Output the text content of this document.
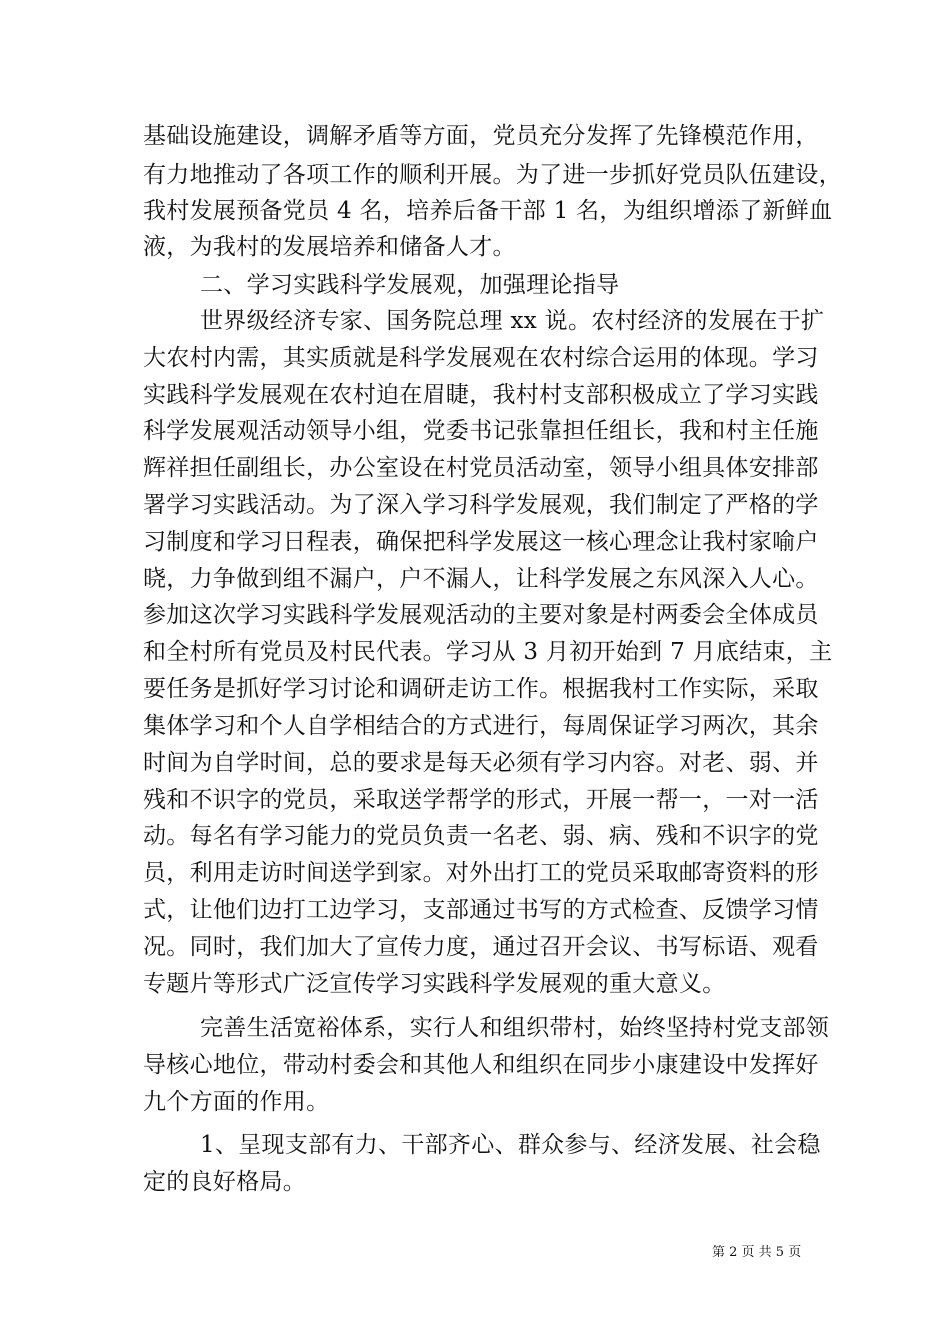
基础设施建设，调解矛盾等方面，党员充分发挥了先锋模范作用，
有力地推动了各项工作的顺利开展。为了进一步抓好党员队伍建设，
我村发展预备党员 4 名，培养后备干部 1 名，为组织增添了新鲜血
液，为我村的发展培养和储备人才。
二、学习实践科学发展观，加强理论指导
世界级经济专家、国务院总理 xx 说。农村经济的发展在于扩
大农村内需，其实质就是科学发展观在农村综合运用的体现。学习
实践科学发展观在农村迫在眉睫，我村村支部积极成立了学习实践
科学发展观活动领导小组，党委书记张靠担任组长，我和村主任施
辉祥担任副组长，办公室设在村党员活动室，领导小组具体安排部
署学习实践活动。为了深入学习科学发展观，我们制定了严格的学
习制度和学习日程表，确保把科学发展这一核心理念让我村家喻户
晓，力争做到组不漏户，户不漏人，让科学发展之东风深入人心。
参加这次学习实践科学发展观活动的主要对象是村两委会全体成员
和全村所有党员及村民代表。学习从 3 月初开始到 7 月底结束，主
要任务是抓好学习讨论和调研走访工作。根据我村工作实际，采取
集体学习和个人自学相结合的方式进行，每周保证学习两次，其余
时间为自学时间，总的要求是每天必须有学习内容。对老、弱、并
残和不识字的党员，采取送学帮学的形式，开展一帮一，一对一活
动。每名有学习能力的党员负责一名老、弱、病、残和不识字的党
员，利用走访时间送学到家。对外出打工的党员采取邮寄资料的形
式，让他们边打工边学习，支部通过书写的方式检查、反馈学习情
况。同时，我们加大了宣传力度，通过召开会议、书写标语、观看
专题片等形式广泛宣传学习实践科学发展观的重大意义。
完善生活宽裕体系，实行人和组织带村，始终坚持村党支部领
导核心地位，带动村委会和其他人和组织在同步小康建设中发挥好
九个方面的作用。
1、呈现支部有力、干部齐心、群众参与、经济发展、社会稳
定的良好格局。
第 2 页 共 5 页
